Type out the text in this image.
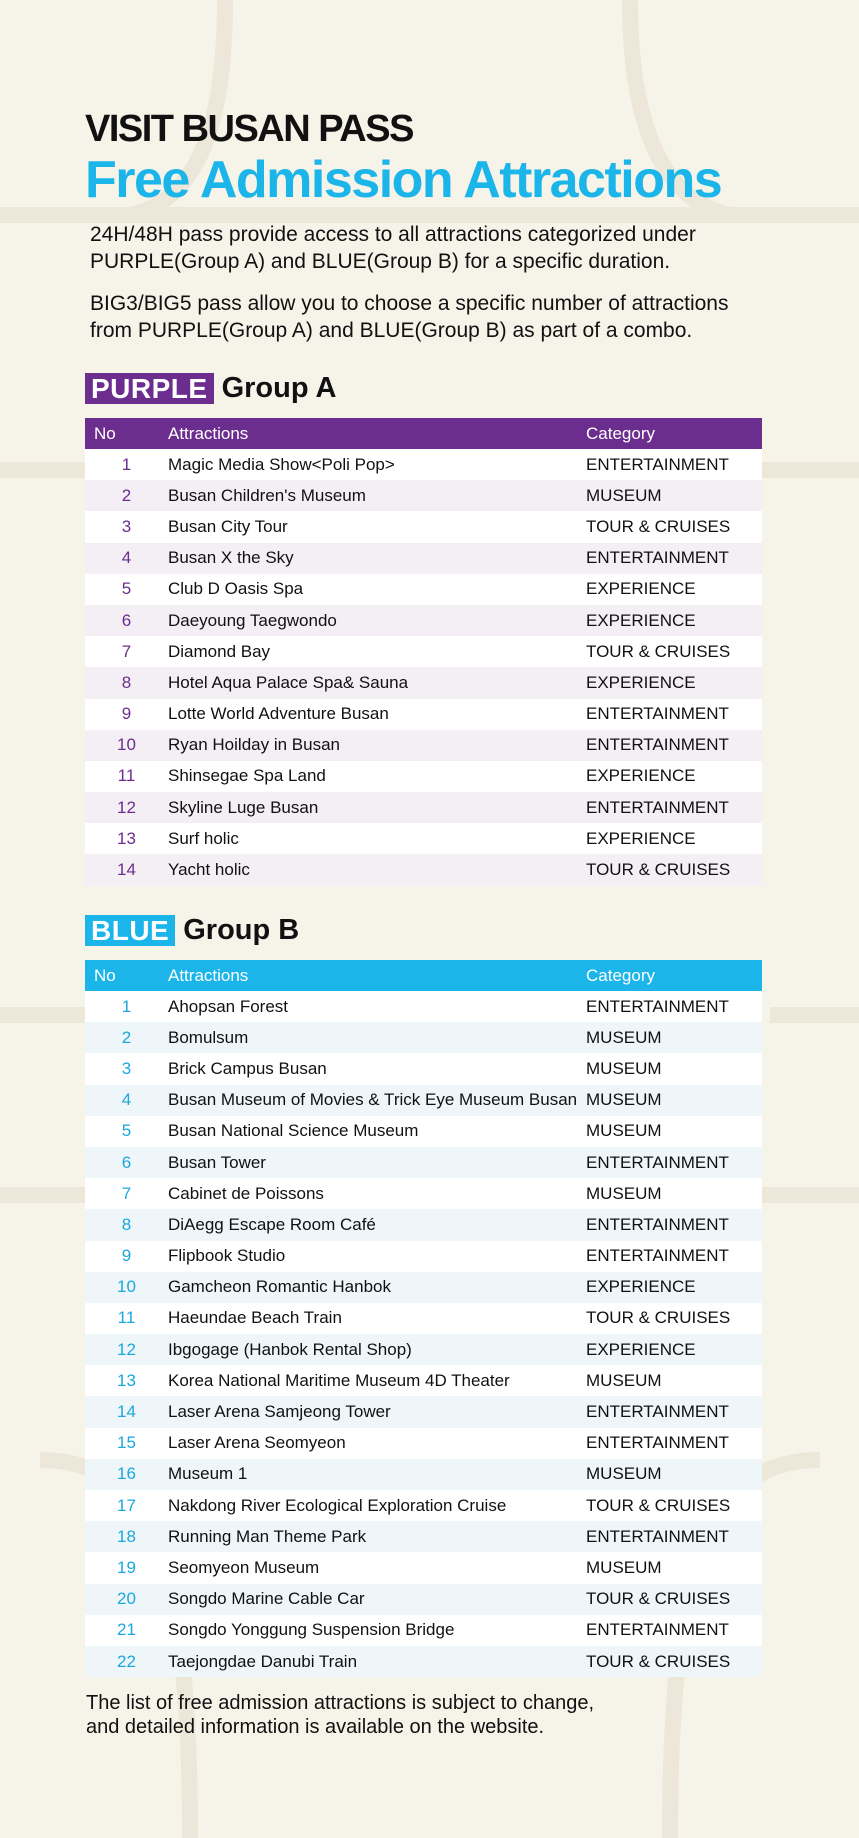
VISIT BUSAN PASS
Free Admission Attractions

24H/48H pass provide access to all attractions categorized under PURPLE(Group A) and BLUE(Group B) for a specific duration.

BIG3/BIG5 pass allow you to choose a specific number of attractions from PURPLE(Group A) and BLUE(Group B) as part of a combo.

PURPLE Group A
No	Attractions	Category
1	Magic Media Show<Poli Pop>	ENTERTAINMENT
2	Busan Children's Museum	MUSEUM
3	Busan City Tour	TOUR & CRUISES
4	Busan X the Sky	ENTERTAINMENT
5	Club D Oasis Spa	EXPERIENCE
6	Daeyoung Taegwondo	EXPERIENCE
7	Diamond Bay	TOUR & CRUISES
8	Hotel Aqua Palace Spa& Sauna	EXPERIENCE
9	Lotte World Adventure Busan	ENTERTAINMENT
10	Ryan Hoilday in Busan	ENTERTAINMENT
11	Shinsegae Spa Land	EXPERIENCE
12	Skyline Luge Busan	ENTERTAINMENT
13	Surf holic	EXPERIENCE
14	Yacht holic	TOUR & CRUISES
BLUE Group B
No	Attractions	Category
1	Ahopsan Forest	ENTERTAINMENT
2	Bomulsum	MUSEUM
3	Brick Campus Busan	MUSEUM
4	Busan Museum of Movies & Trick Eye Museum Busan	MUSEUM
5	Busan National Science Museum	MUSEUM
6	Busan Tower	ENTERTAINMENT
7	Cabinet de Poissons	MUSEUM
8	DiAegg Escape Room Café	ENTERTAINMENT
9	Flipbook Studio	ENTERTAINMENT
10	Gamcheon Romantic Hanbok	EXPERIENCE
11	Haeundae Beach Train	TOUR & CRUISES
12	Ibgogage (Hanbok Rental Shop)	EXPERIENCE
13	Korea National Maritime Museum 4D Theater	MUSEUM
14	Laser Arena Samjeong Tower	ENTERTAINMENT
15	Laser Arena Seomyeon	ENTERTAINMENT
16	Museum 1	MUSEUM
17	Nakdong River Ecological Exploration Cruise	TOUR & CRUISES
18	Running Man Theme Park	ENTERTAINMENT
19	Seomyeon Museum	MUSEUM
20	Songdo Marine Cable Car	TOUR & CRUISES
21	Songdo Yonggung Suspension Bridge	ENTERTAINMENT
22	Taejongdae Danubi Train	TOUR & CRUISES
The list of free admission attractions is subject to change,
and detailed information is available on the website.
